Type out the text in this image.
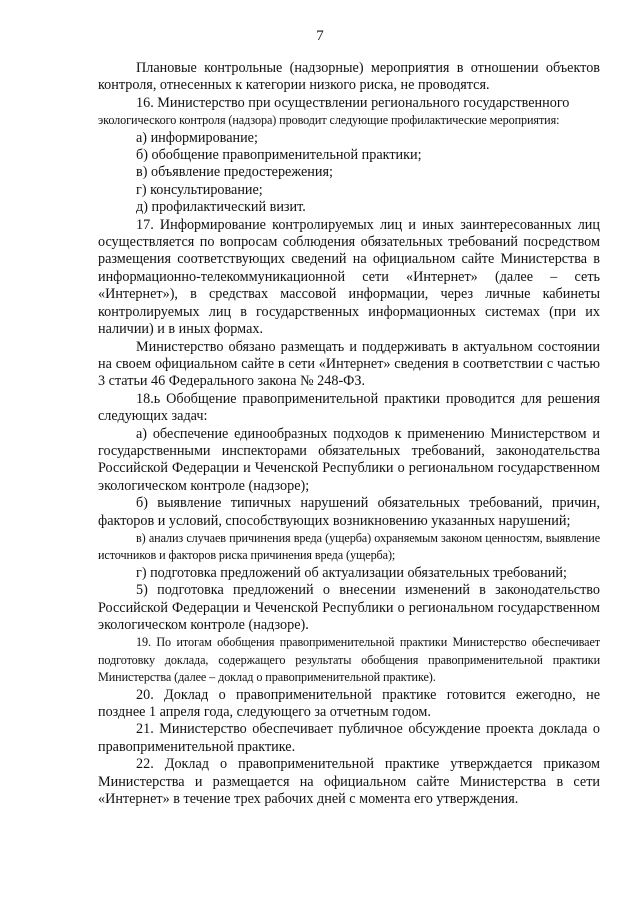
7

Плановые контрольные (надзорные) мероприятия в отношении объектов контроля, отнесенных к категории низкого риска, не проводятся.

16. Министерство при осуществлении регионального государственного

экологического контроля (надзора) проводит следующие профилактические мероприятия:

а) информирование;

б) обобщение правоприменительной практики;

в) объявление предостережения;

г) консультирование;

д) профилактический визит.

17. Информирование контролируемых лиц и иных заинтересованных лиц осуществляется по вопросам соблюдения обязательных требований посредством размещения соответствующих сведений на официальном сайте Министерства в информационно-телекоммуникационной сети «Интернет» (далее – сеть «Интернет»), в средствах массовой информации, через личные кабинеты контролируемых лиц в государственных информационных системах (при их наличии) и в иных формах.

Министерство обязано размещать и поддерживать в актуальном состоянии на своем официальном сайте в сети «Интернет» сведения в соответствии с частью 3 статьи 46 Федерального закона № 248-ФЗ.

18.ь Обобщение правоприменительной практики проводится для решения следующих задач:

а) обеспечение единообразных подходов к применению Министерством и государственными инспекторами обязательных требований, законодательства Российской Федерации и Чеченской Республики о региональном государственном экологическом контроле (надзоре);

б) выявление типичных нарушений обязательных требований, причин, факторов и условий, способствующих возникновению указанных нарушений;

в) анализ случаев причинения вреда (ущерба) охраняемым законом ценностям, выявление источников и факторов риска причинения вреда (ущерба);

г) подготовка предложений об актуализации обязательных требований;

5) подготовка предложений о внесении изменений в законодательство Российской Федерации и Чеченской Республики о региональном государственном экологическом контроле (надзоре).

19. По итогам обобщения правоприменительной практики Министерство обеспечивает подготовку доклада, содержащего результаты обобщения правоприменительной практики Министерства (далее – доклад о правоприменительной практике).

20. Доклад о правоприменительной практике готовится ежегодно, не позднее 1 апреля года, следующего за отчетным годом.

21. Министерство обеспечивает публичное обсуждение проекта доклада о правоприменительной практике.

22. Доклад о правоприменительной практике утверждается приказом Министерства и размещается на официальном сайте Министерства в сети «Интернет» в течение трех рабочих дней с момента его утверждения.
